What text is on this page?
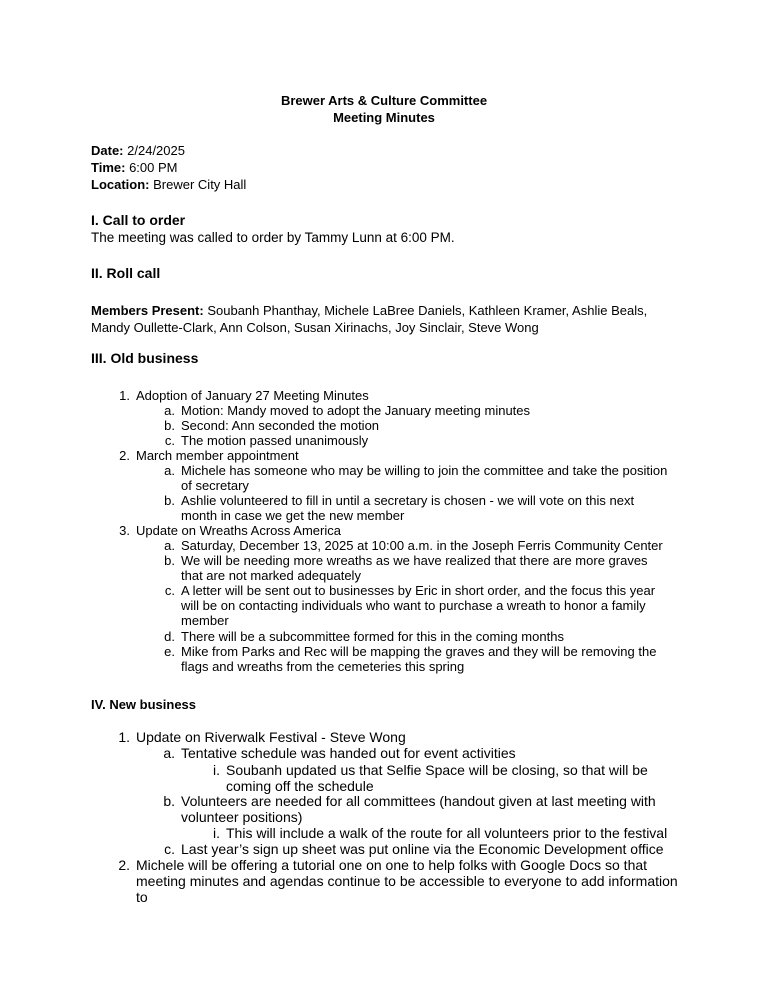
Brewer Arts & Culture Committee
Meeting Minutes
Date: 2/24/2025
Time: 6:00 PM
Location: Brewer City Hall
I. Call to order
The meeting was called to order by Tammy Lunn at 6:00 PM.
II. Roll call
Members Present: Soubanh Phanthay, Michele LaBree Daniels, Kathleen Kramer, Ashlie Beals, Mandy Oullette-Clark, Ann Colson, Susan Xirinachs, Joy Sinclair, Steve Wong
III. Old business
1. Adoption of January 27 Meeting Minutes
a. Motion: Mandy moved to adopt the January meeting minutes
b. Second: Ann seconded the motion
c. The motion passed unanimously
2. March member appointment
a. Michele has someone who may be willing to join the committee and take the position
of secretary
b. Ashlie volunteered to fill in until a secretary is chosen - we will vote on this next
month in case we get the new member
3. Update on Wreaths Across America
a. Saturday, December 13, 2025 at 10:00 a.m. in the Joseph Ferris Community Center
b. We will be needing more wreaths as we have realized that there are more graves
that are not marked adequately
c. A letter will be sent out to businesses by Eric in short order, and the focus this year
will be on contacting individuals who want to purchase a wreath to honor a family
member
d. There will be a subcommittee formed for this in the coming months
e. Mike from Parks and Rec will be mapping the graves and they will be removing the
flags and wreaths from the cemeteries this spring
IV. New business
1. Update on Riverwalk Festival - Steve Wong
a. Tentative schedule was handed out for event activities
i. Soubanh updated us that Selfie Space will be closing, so that will be
coming off the schedule
b. Volunteers are needed for all committees (handout given at last meeting with
volunteer positions)
i. This will include a walk of the route for all volunteers prior to the festival
c. Last year’s sign up sheet was put online via the Economic Development office
2. Michele will be offering a tutorial one on one to help folks with Google Docs so that
meeting minutes and agendas continue to be accessible to everyone to add information
to
